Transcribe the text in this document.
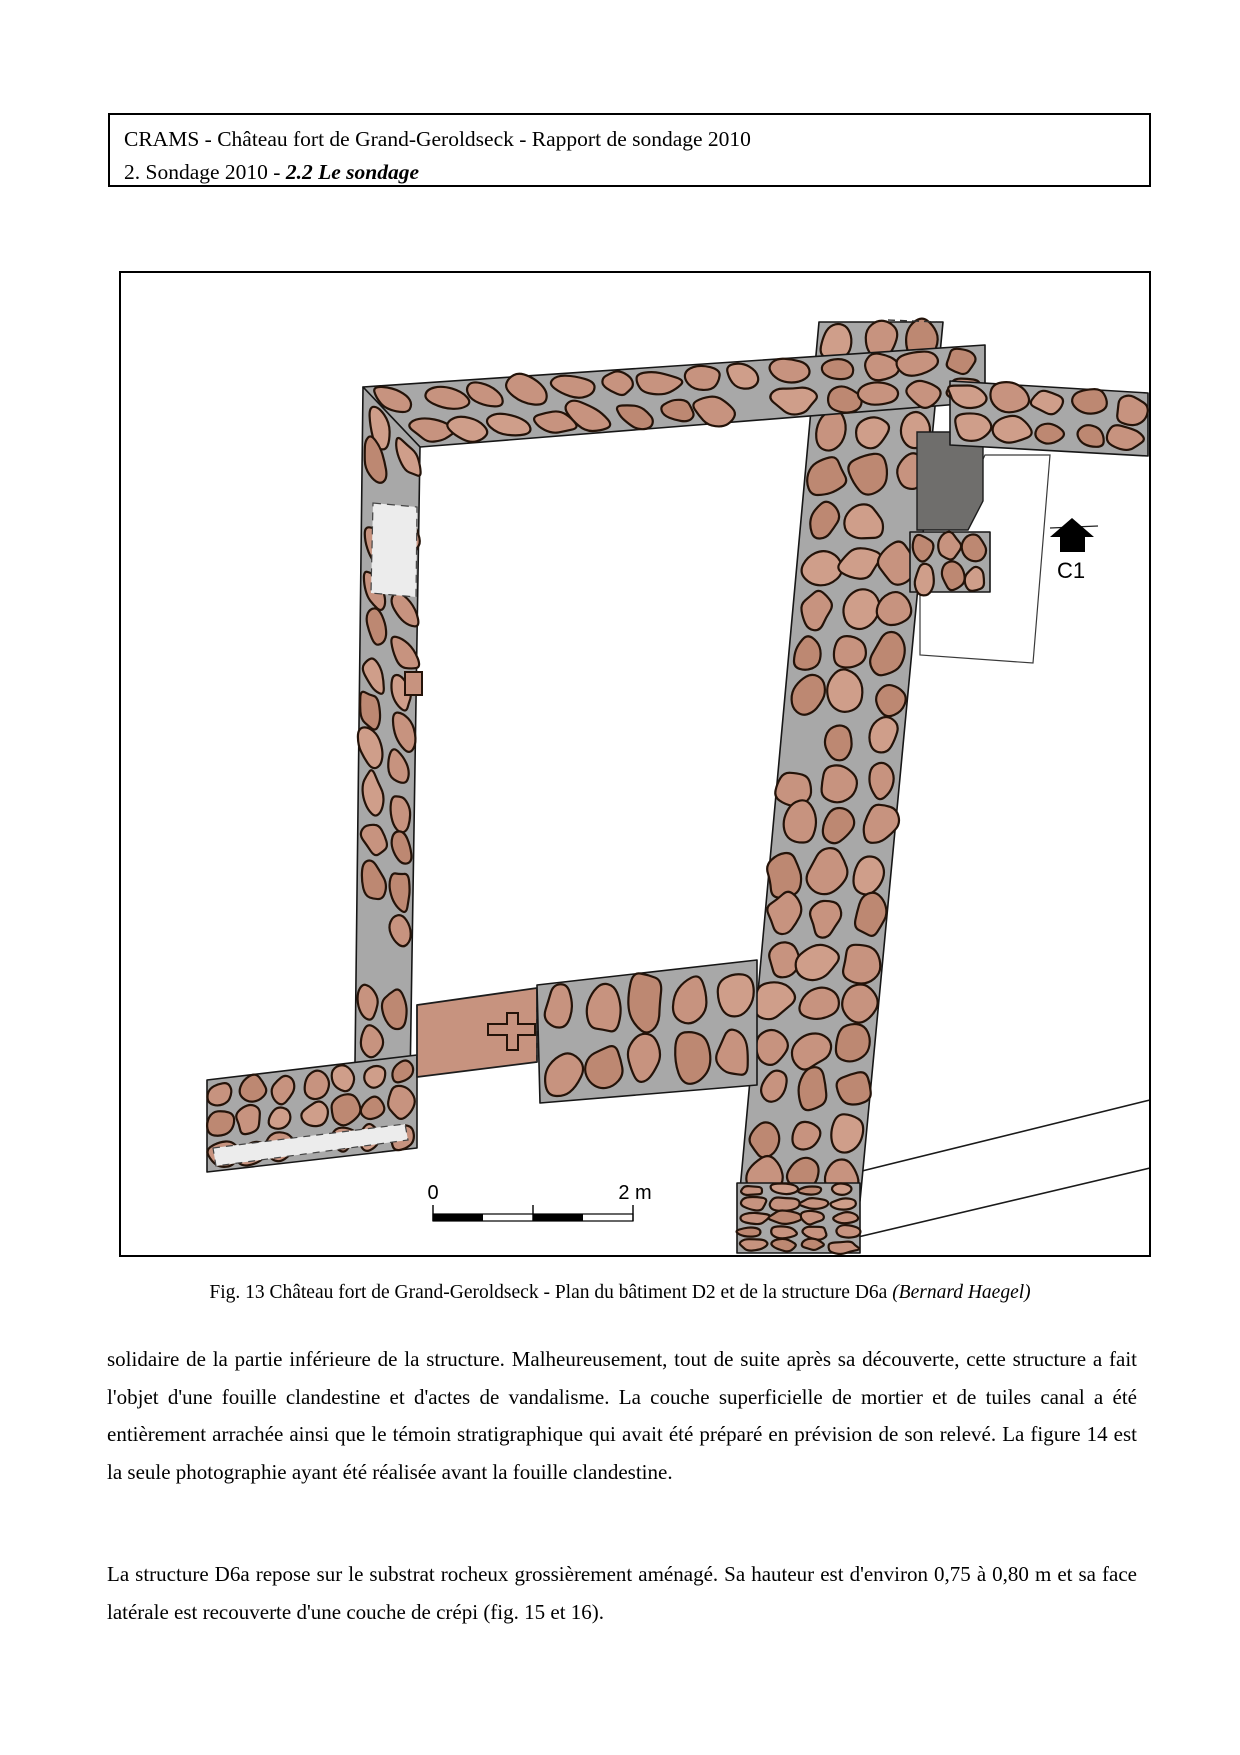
CRAMS - Château fort de Grand-Geroldseck - Rapport de sondage 2010
2. Sondage 2010 - 2.2 Le sondage
C1
0	2 m
Fig. 13 Château fort de Grand-Geroldseck - Plan du bâtiment D2 et de la structure D6a (Bernard Haegel)

solidaire de la partie inférieure de la structure. Malheureusement, tout de suite après sa découverte, cette structure a fait l'objet d'une fouille clandestine et d'actes de vandalisme. La couche superficielle de mortier et de tuiles canal a été entièrement arrachée ainsi que le témoin stratigraphique qui avait été préparé en prévision de son relevé. La figure 14 est la seule photographie ayant été réalisée avant la fouille clandestine.

La structure D6a repose sur le substrat rocheux grossièrement aménagé. Sa hauteur est d'environ 0,75 à 0,80 m et sa face latérale est recouverte d'une couche de crépi (fig. 15 et 16).
